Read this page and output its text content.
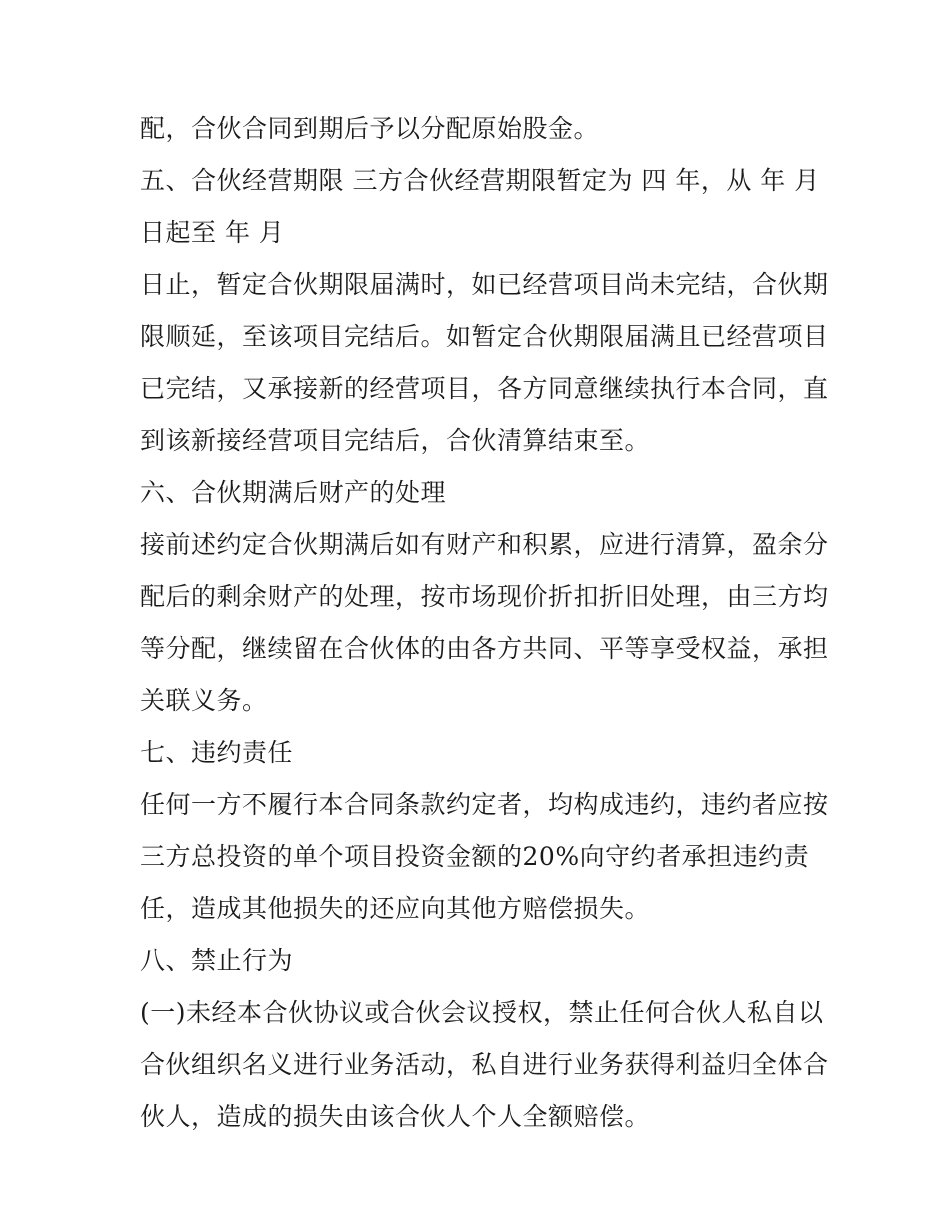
配，合伙合同到期后予以分配原始股金。
五、合伙经营期限 三方合伙经营期限暂定为 四 年，从 年 月
日起至 年 月
日止，暂定合伙期限届满时，如已经营项目尚未完结，合伙期
限顺延，至该项目完结后。如暂定合伙期限届满且已经营项目
已完结，又承接新的经营项目，各方同意继续执行本合同，直
到该新接经营项目完结后，合伙清算结束至。
六、合伙期满后财产的处理
接前述约定合伙期满后如有财产和积累，应进行清算，盈余分
配后的剩余财产的处理，按市场现价折扣折旧处理，由三方均
等分配，继续留在合伙体的由各方共同、平等享受权益，承担
关联义务。
七、违约责任
任何一方不履行本合同条款约定者，均构成违约，违约者应按
三方总投资的单个项目投资金额的20%向守约者承担违约责
任，造成其他损失的还应向其他方赔偿损失。
八、禁止行为
(一)未经本合伙协议或合伙会议授权，禁止任何合伙人私自以
合伙组织名义进行业务活动，私自进行业务获得利益归全体合
伙人，造成的损失由该合伙人个人全额赔偿。
